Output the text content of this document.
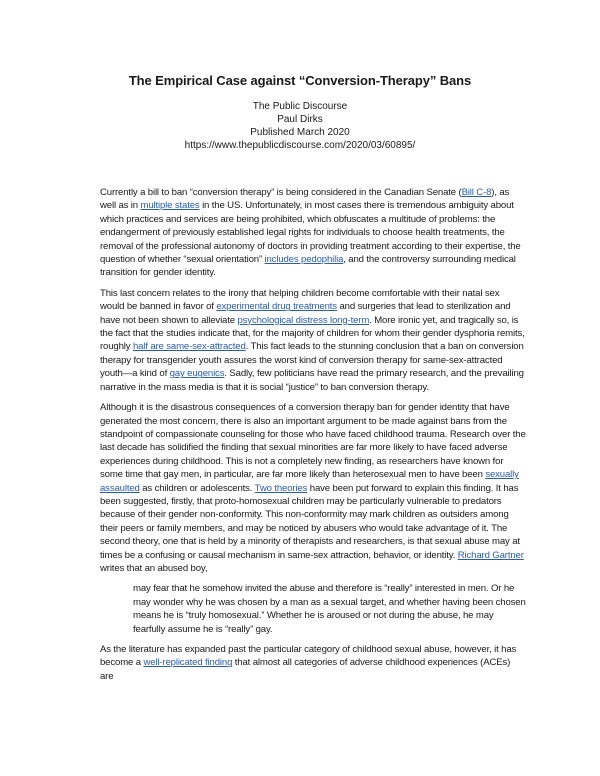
The Empirical Case against “Conversion-Therapy” Bans
The Public Discourse
Paul Dirks
Published March 2020
https://www.thepublicdiscourse.com/2020/03/60895/

Currently a bill to ban “conversion therapy” is being considered in the Canadian Senate (Bill C-8), as well as in multiple states in the US. Unfortunately, in most cases there is tremendous ambiguity about which practices and services are being prohibited, which obfuscates a multitude of problems: the endangerment of previously established legal rights for individuals to choose health treatments, the removal of the professional autonomy of doctors in providing treatment according to their expertise, the question of whether “sexual orientation” includes pedophilia, and the controversy surrounding medical transition for gender identity.

This last concern relates to the irony that helping children become comfortable with their natal sex would be banned in favor of experimental drug treatments and surgeries that lead to sterilization and have not been shown to alleviate psychological distress long-term. More ironic yet, and tragically so, is the fact that the studies indicate that, for the majority of children for whom their gender dysphoria remits, roughly half are same-sex-attracted. This fact leads to the stunning conclusion that a ban on conversion therapy for transgender youth assures the worst kind of conversion therapy for same-sex-attracted youth—a kind of gay eugenics. Sadly, few politicians have read the primary research, and the prevailing narrative in the mass media is that it is social “justice” to ban conversion therapy.

Although it is the disastrous consequences of a conversion therapy ban for gender identity that have generated the most concern, there is also an important argument to be made against bans from the standpoint of compassionate counseling for those who have faced childhood trauma. Research over the last decade has solidified the finding that sexual minorities are far more likely to have faced adverse experiences during childhood. This is not a completely new finding, as researchers have known for some time that gay men, in particular, are far more likely than heterosexual men to have been sexually assaulted as children or adolescents. Two theories have been put forward to explain this finding. It has been suggested, firstly, that proto-homosexual children may be particularly vulnerable to predators because of their gender non-conformity. This non-conformity may mark children as outsiders among their peers or family members, and may be noticed by abusers who would take advantage of it. The second theory, one that is held by a minority of therapists and researchers, is that sexual abuse may at times be a confusing or causal mechanism in same-sex attraction, behavior, or identity. Richard Gartner writes that an abused boy,

may fear that he somehow invited the abuse and therefore is “really” interested in men. Or he may wonder why he was chosen by a man as a sexual target, and whether having been chosen means he is “truly homosexual.” Whether he is aroused or not during the abuse, he may fearfully assume he is “really” gay.

As the literature has expanded past the particular category of childhood sexual abuse, however, it has become a well-replicated finding that almost all categories of adverse childhood experiences (ACEs) are
